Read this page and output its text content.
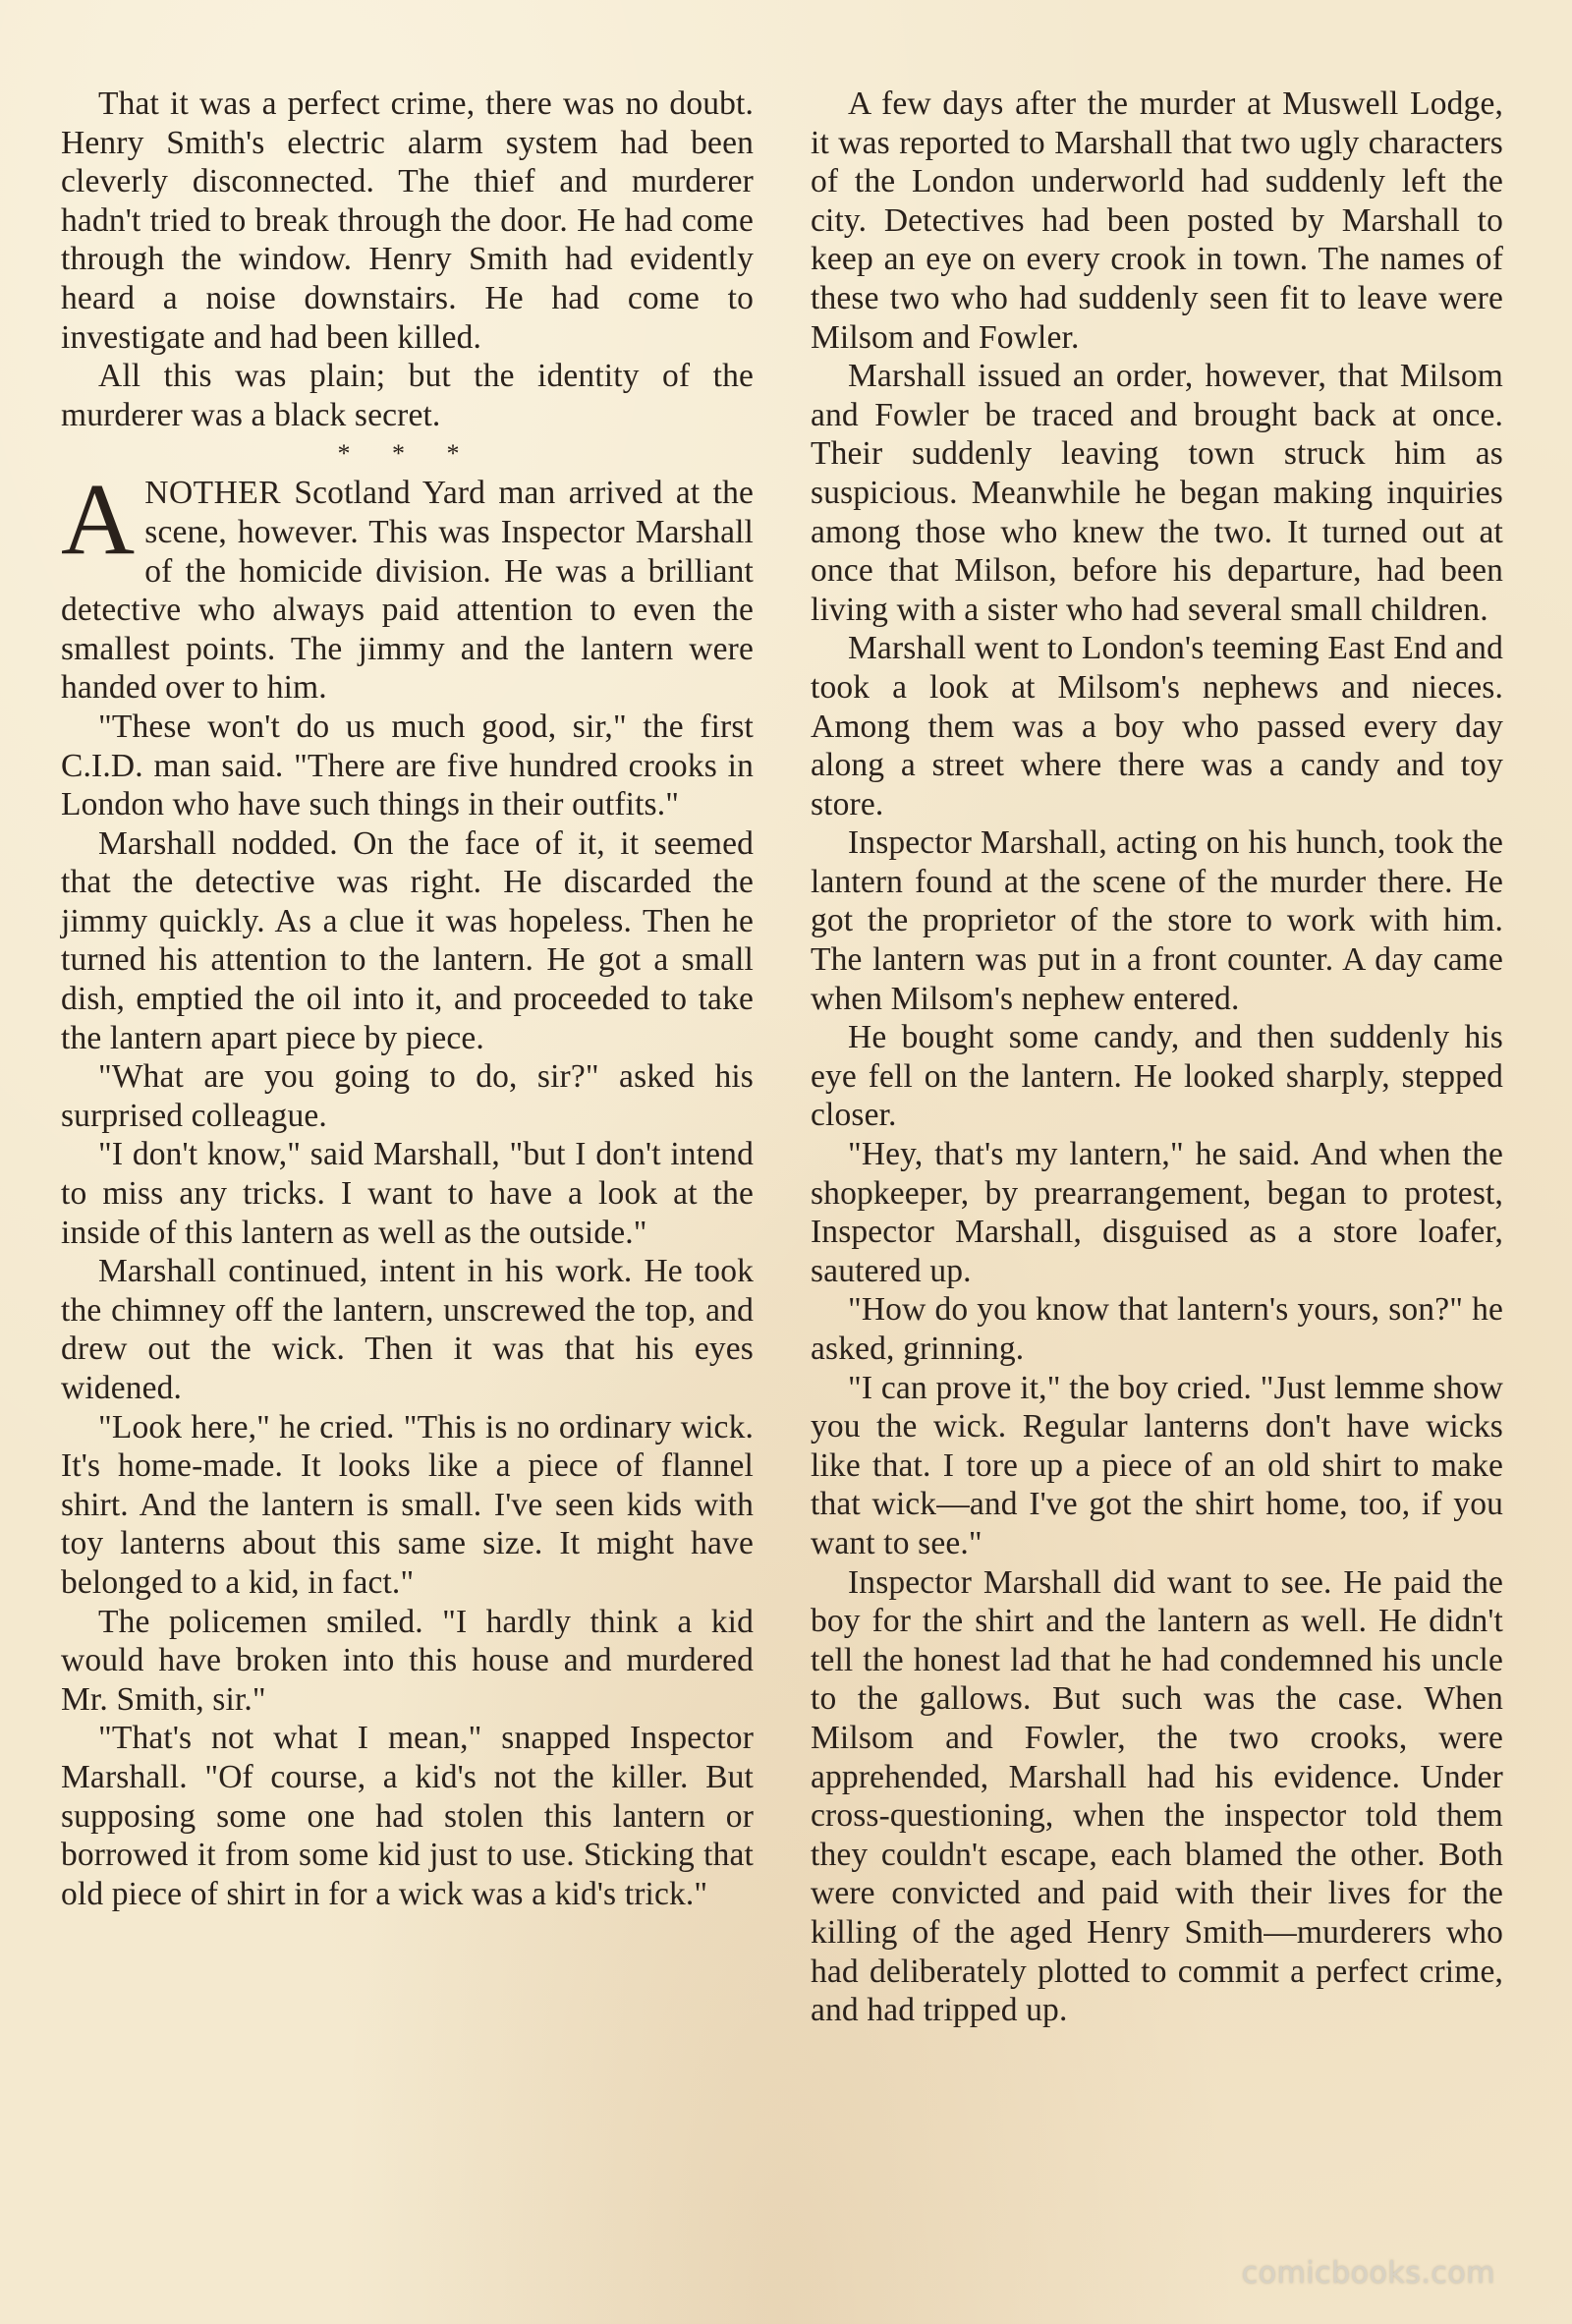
That it was a perfect crime, there was no doubt. Henry Smith's electric alarm system had been cleverly disconnected. The thief and murderer hadn't tried to break through the door. He had come through the window. Henry Smith had evidently heard a noise downstairs. He had come to investigate and had been killed.

All this was plain; but the identity of the murderer was a black secret.

* * *

ANOTHER Scotland Yard man arrived at the scene, however. This was Inspector Marshall of the homicide division. He was a brilliant detective who always paid attention to even the smallest points. The jimmy and the lantern were handed over to him.

"These won't do us much good, sir," the first C.I.D. man said. "There are five hundred crooks in London who have such things in their outfits."

Marshall nodded. On the face of it, it seemed that the detective was right. He discarded the jimmy quickly. As a clue it was hopeless. Then he turned his attention to the lantern. He got a small dish, emptied the oil into it, and proceeded to take the lantern apart piece by piece.

"What are you going to do, sir?" asked his surprised colleague.

"I don't know," said Marshall, "but I don't intend to miss any tricks. I want to have a look at the inside of this lantern as well as the outside."

Marshall continued, intent in his work. He took the chimney off the lantern, unscrewed the top, and drew out the wick. Then it was that his eyes widened.

"Look here," he cried. "This is no ordinary wick. It's home-made. It looks like a piece of flannel shirt. And the lantern is small. I've seen kids with toy lanterns about this same size. It might have belonged to a kid, in fact."

The policemen smiled. "I hardly think a kid would have broken into this house and murdered Mr. Smith, sir."

"That's not what I mean," snapped Inspector Marshall. "Of course, a kid's not the killer. But supposing some one had stolen this lantern or borrowed it from some kid just to use. Sticking that old piece of shirt in for a wick was a kid's trick."

A few days after the murder at Muswell Lodge, it was reported to Marshall that two ugly characters of the London underworld had suddenly left the city. Detectives had been posted by Marshall to keep an eye on every crook in town. The names of these two who had suddenly seen fit to leave were Milsom and Fowler.

Marshall issued an order, however, that Milsom and Fowler be traced and brought back at once. Their suddenly leaving town struck him as suspicious. Meanwhile he began making inquiries among those who knew the two. It turned out at once that Milson, before his departure, had been living with a sister who had several small children.

Marshall went to London's teeming East End and took a look at Milsom's nephews and nieces. Among them was a boy who passed every day along a street where there was a candy and toy store.

Inspector Marshall, acting on his hunch, took the lantern found at the scene of the murder there. He got the proprietor of the store to work with him. The lantern was put in a front counter. A day came when Milsom's nephew entered.

He bought some candy, and then suddenly his eye fell on the lantern. He looked sharply, stepped closer.

"Hey, that's my lantern," he said. And when the shopkeeper, by prearrangement, began to protest, Inspector Marshall, disguised as a store loafer, sautered up.

"How do you know that lantern's yours, son?" he asked, grinning.

"I can prove it," the boy cried. "Just lemme show you the wick. Regular lanterns don't have wicks like that. I tore up a piece of an old shirt to make that wick—and I've got the shirt home, too, if you want to see."

Inspector Marshall did want to see. He paid the boy for the shirt and the lantern as well. He didn't tell the honest lad that he had condemned his uncle to the gallows. But such was the case. When Milsom and Fowler, the two crooks, were apprehended, Marshall had his evidence. Under cross-questioning, when the inspector told them they couldn't escape, each blamed the other. Both were convicted and paid with their lives for the killing of the aged Henry Smith—murderers who had deliberately plotted to commit a perfect crime, and had tripped up.

comicbooks.com
